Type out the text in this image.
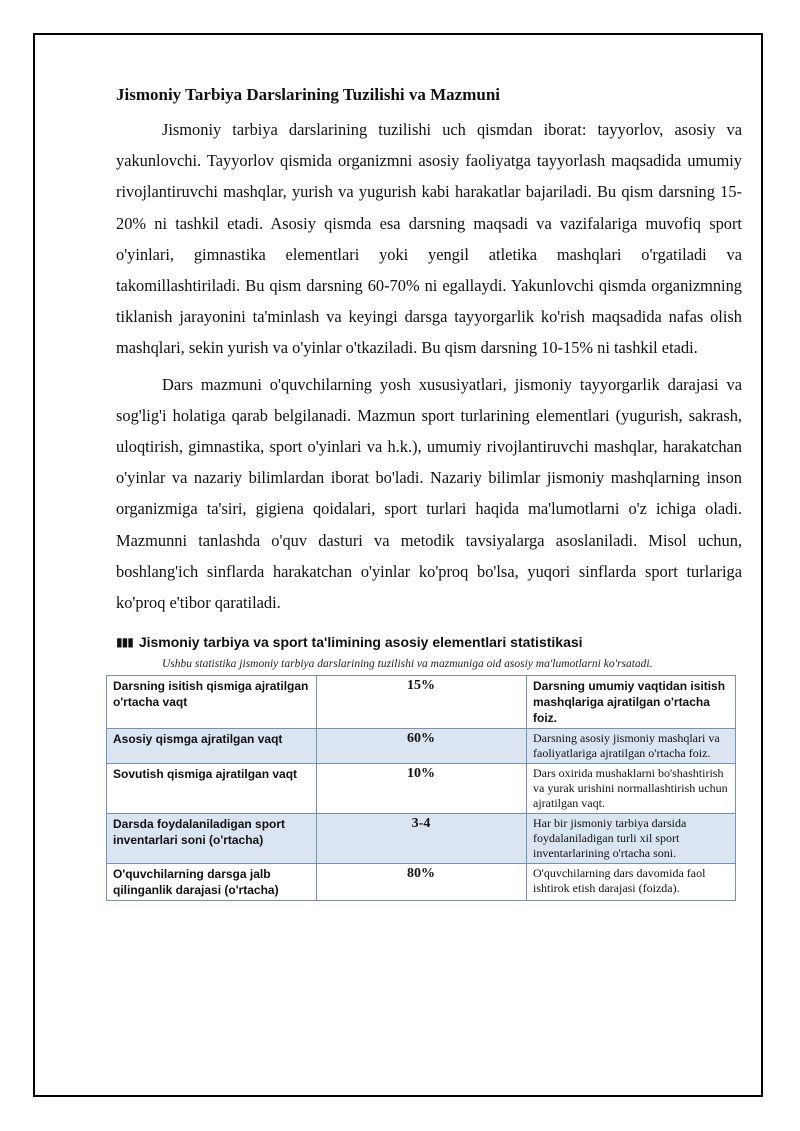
Jismoniy Tarbiya Darslarining Tuzilishi va Mazmuni

Jismoniy tarbiya darslarining tuzilishi uch qismdan iborat: tayyorlov, asosiy va yakunlovchi. Tayyorlov qismida organizmni asosiy faoliyatga tayyorlash maqsadida umumiy rivojlantiruvchi mashqlar, yurish va yugurish kabi harakatlar bajariladi. Bu qism darsning 15-20% ni tashkil etadi. Asosiy qismda esa darsning maqsadi va vazifalariga muvofiq sport o'yinlari, gimnastika elementlari yoki yengil atletika mashqlari o'rgatiladi va takomillashtiriladi. Bu qism darsning 60-70% ni egallaydi. Yakunlovchi qismda organizmning tiklanish jarayonini ta'minlash va keyingi darsga tayyorgarlik ko'rish maqsadida nafas olish mashqlari, sekin yurish va o'yinlar o'tkaziladi. Bu qism darsning 10-15% ni tashkil etadi.

Dars mazmuni o'quvchilarning yosh xususiyatlari, jismoniy tayyorgarlik darajasi va sog'lig'i holatiga qarab belgilanadi. Mazmun sport turlarining elementlari (yugurish, sakrash, uloqtirish, gimnastika, sport o'yinlari va h.k.), umumiy rivojlantiruvchi mashqlar, harakatchan o'yinlar va nazariy bilimlardan iborat bo'ladi. Nazariy bilimlar jismoniy mashqlarning inson organizmiga ta'siri, gigiena qoidalari, sport turlari haqida ma'lumotlarni o'z ichiga oladi. Mazmunni tanlashda o'quv dasturi va metodik tavsiyalarga asoslaniladi. Misol uchun, boshlang'ich sinflarda harakatchan o'yinlar ko'proq bo'lsa, yuqori sinflarda sport turlariga ko'proq e'tibor qaratiladi.

▮▮▮ Jismoniy tarbiya va sport ta'limining asosiy elementlari statistikasi
Ushbu statistika jismoniy tarbiya darslarining tuzilishi va mazmuniga oid asosiy ma'lumotlarni ko'rsatadi.
Darsning isitish qismiga ajratilgan o'rtacha vaqt	15%	Darsning umumiy vaqtidan isitish mashqlariga ajratilgan o'rtacha foiz.
Asosiy qismga ajratilgan vaqt	60%	Darsning asosiy jismoniy mashqlari va faoliyatlariga ajratilgan o'rtacha foiz.
Sovutish qismiga ajratilgan vaqt	10%	Dars oxirida mushaklarni bo'shashtirish va yurak urishini normallashtirish uchun ajratilgan vaqt.
Darsda foydalaniladigan sport inventarlari soni (o'rtacha)	3-4	Har bir jismoniy tarbiya darsida foydalaniladigan turli xil sport inventarlarining o'rtacha soni.
O'quvchilarning darsga jalb qilinganlik darajasi (o'rtacha)	80%	O'quvchilarning dars davomida faol ishtirok etish darajasi (foizda).
